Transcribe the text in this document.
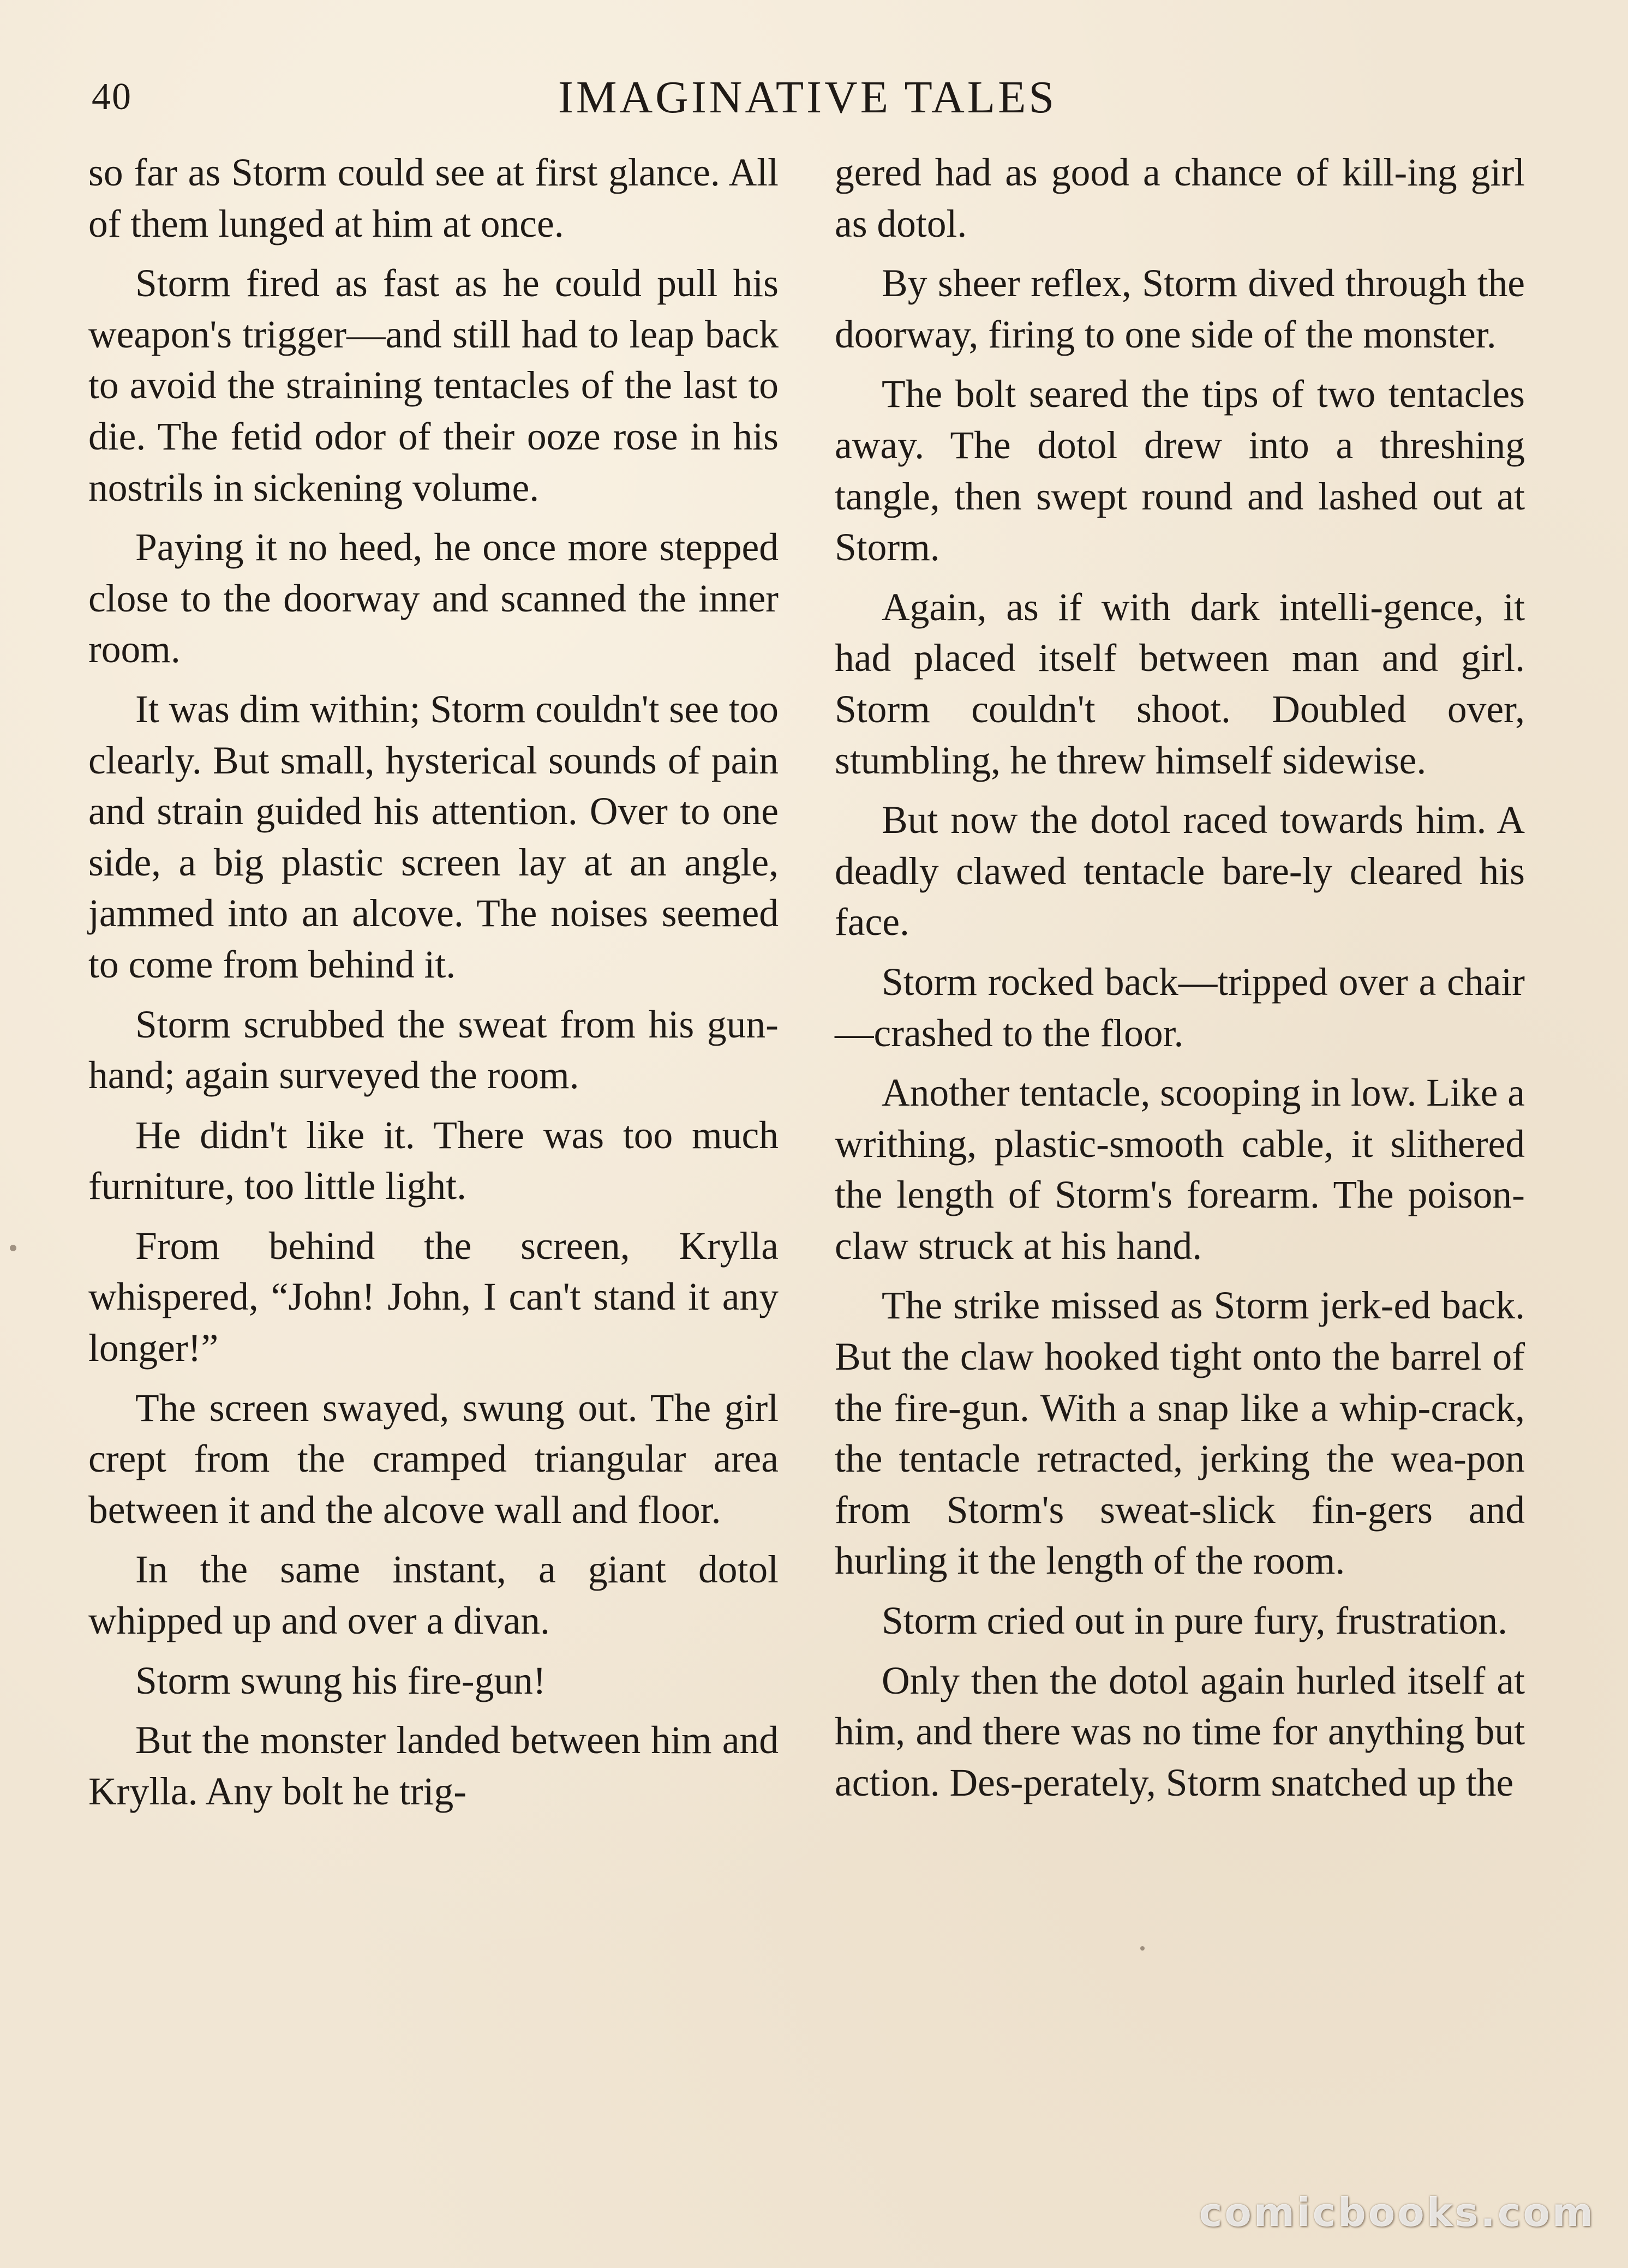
40	IMAGINATIVE TALES

so far as Storm could see at first glance. All of them lunged at him at once.

Storm fired as fast as he could pull his weapon's trigger—and still had to leap back to avoid the straining tentacles of the last to die. The fetid odor of their ooze rose in his nostrils in sickening volume.

Paying it no heed, he once more stepped close to the doorway and scanned the inner room.

It was dim within; Storm couldn't see too clearly. But small, hysterical sounds of pain and strain guided his attention. Over to one side, a big plastic screen lay at an angle, jammed into an alcove. The noises seemed to come from behind it.

Storm scrubbed the sweat from his gun-hand; again surveyed the room.

He didn't like it. There was too much furniture, too little light.

From behind the screen, Krylla whispered, “John! John, I can't stand it any longer!”

The screen swayed, swung out. The girl crept from the cramped triangular area between it and the alcove wall and floor.

In the same instant, a giant dotol whipped up and over a divan.

Storm swung his fire-gun!

But the monster landed between him and Krylla. Any bolt he trig-

gered had as good a chance of kill-ing girl as dotol.

By sheer reflex, Storm dived through the doorway, firing to one side of the monster.

The bolt seared the tips of two tentacles away. The dotol drew into a threshing tangle, then swept round and lashed out at Storm.

Again, as if with dark intelli-gence, it had placed itself between man and girl. Storm couldn't shoot. Doubled over, stumbling, he threw himself sidewise.

But now the dotol raced towards him. A deadly clawed tentacle bare-ly cleared his face.

Storm rocked back—tripped over a chair—crashed to the floor.

Another tentacle, scooping in low. Like a writhing, plastic-smooth cable, it slithered the length of Storm's forearm. The poison-claw struck at his hand.

The strike missed as Storm jerk-ed back. But the claw hooked tight onto the barrel of the fire-gun. With a snap like a whip-crack, the tentacle retracted, jerking the wea-pon from Storm's sweat-slick fin-gers and hurling it the length of the room.

Storm cried out in pure fury, frustration.

Only then the dotol again hurled itself at him, and there was no time for anything but action. Des-perately, Storm snatched up the

comicbooks.com
